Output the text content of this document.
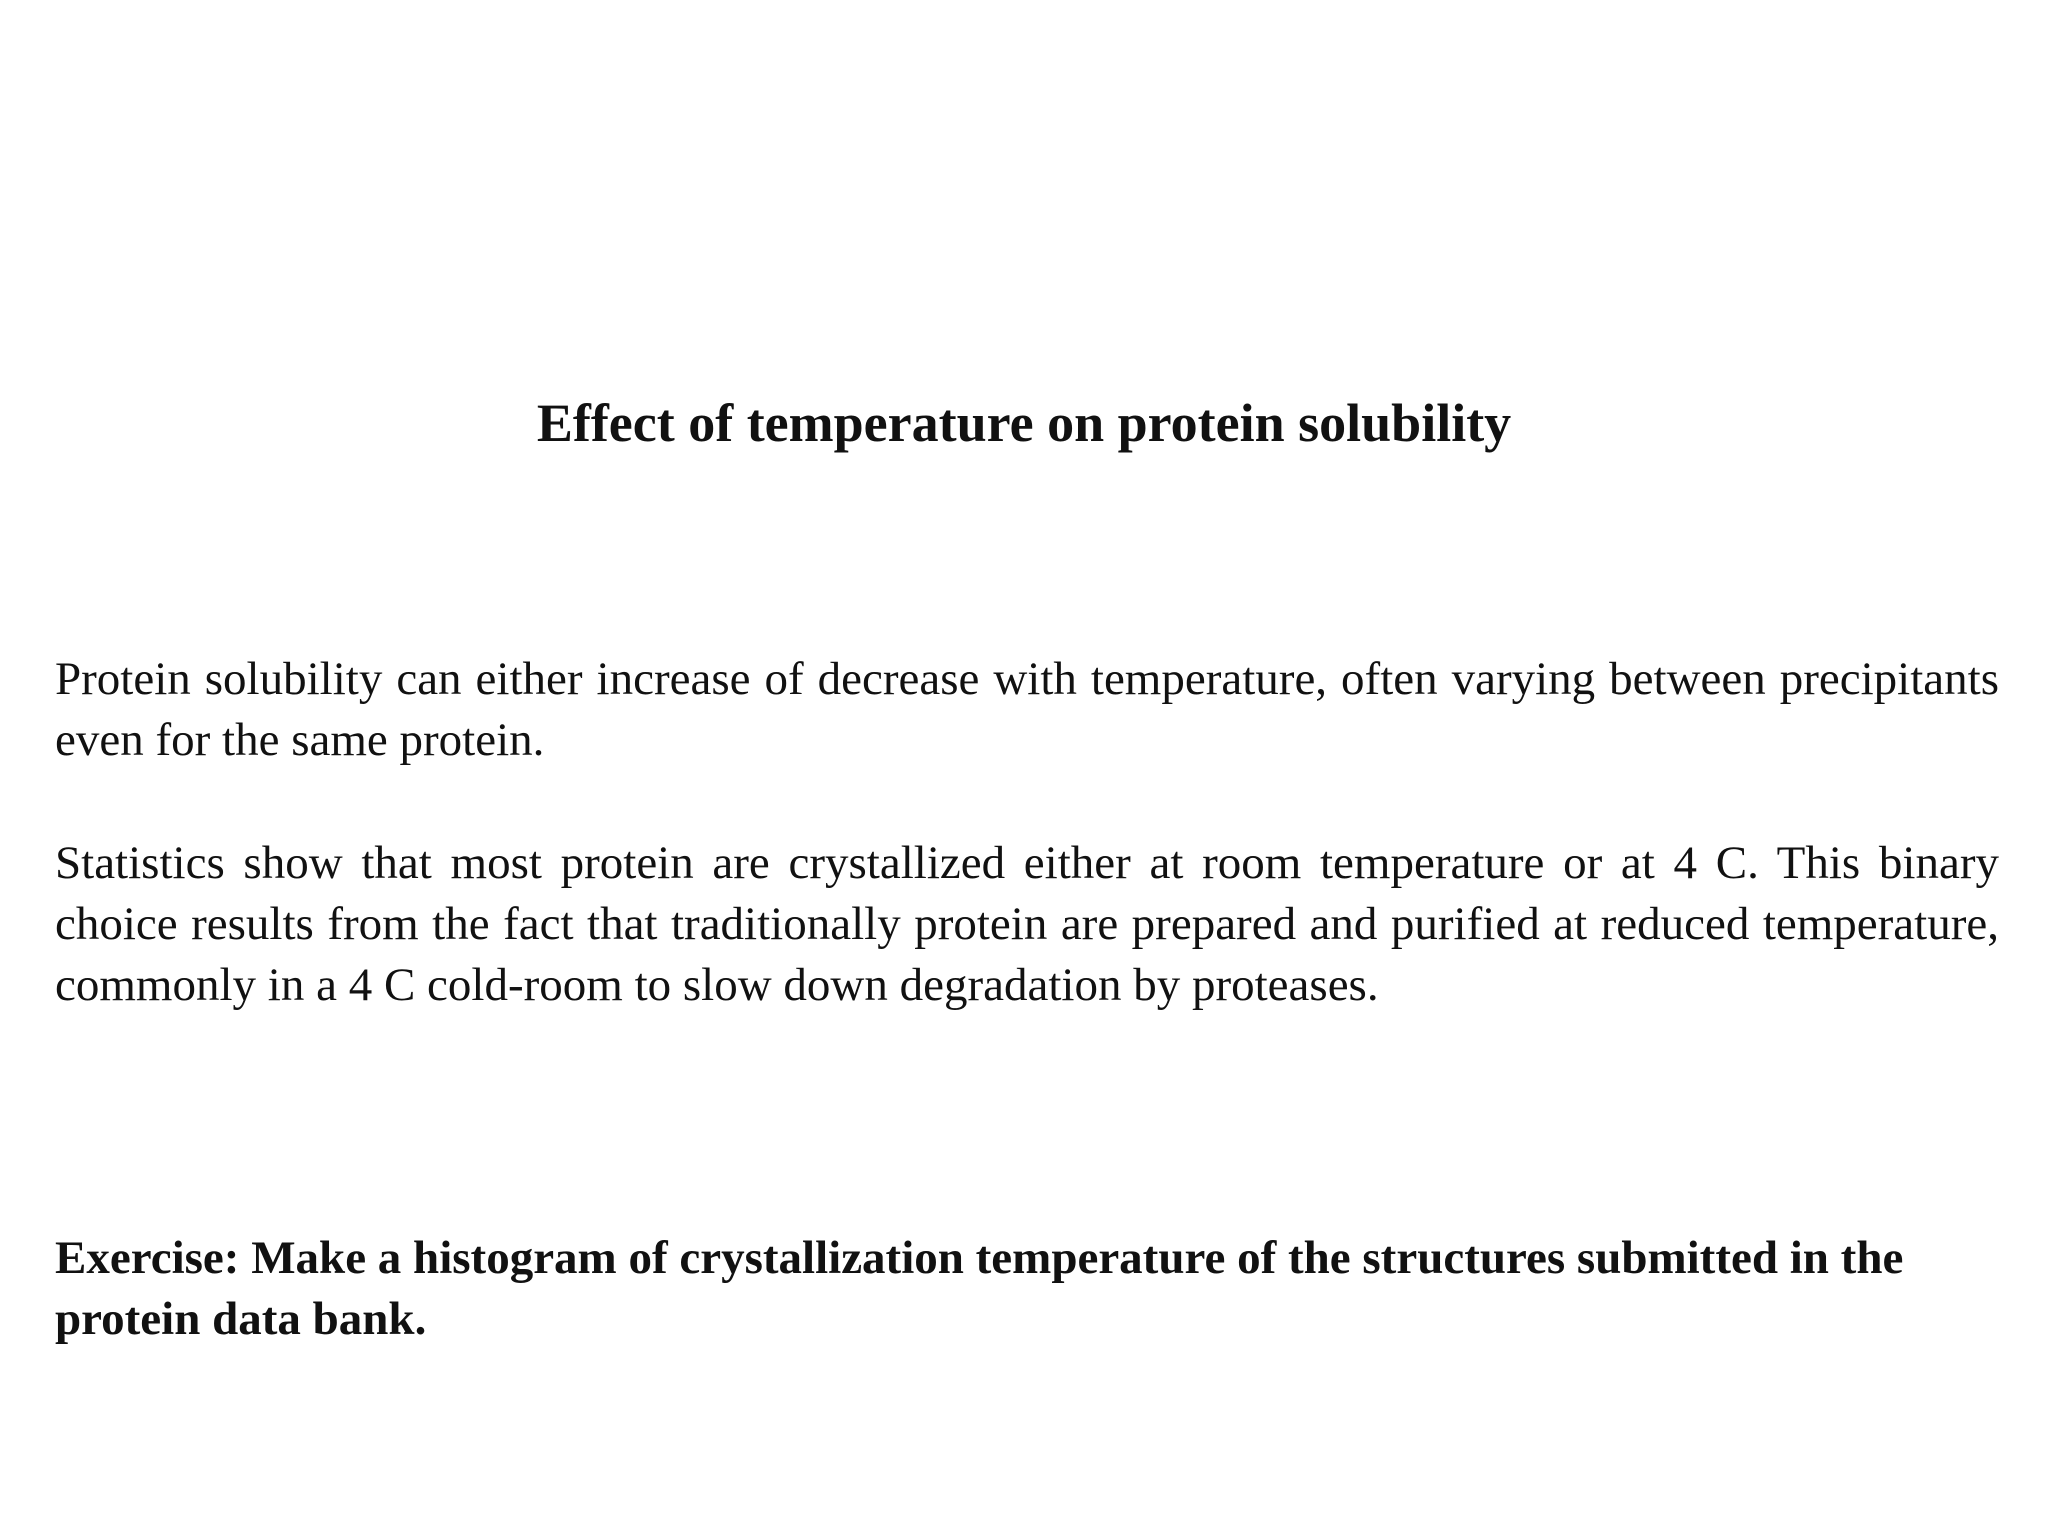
Effect of temperature on protein solubility

Protein solubility can either increase of decrease with temperature, often varying between precipitants even for the same protein.

Statistics show that most protein are crystallized either at room temperature or at 4 C. This binary choice results from the fact that traditionally protein are prepared and purified at reduced temperature, commonly in a 4 C cold-room to slow down degradation by proteases.

Exercise: Make a histogram of crystallization temperature of the structures submitted in the protein data bank.
